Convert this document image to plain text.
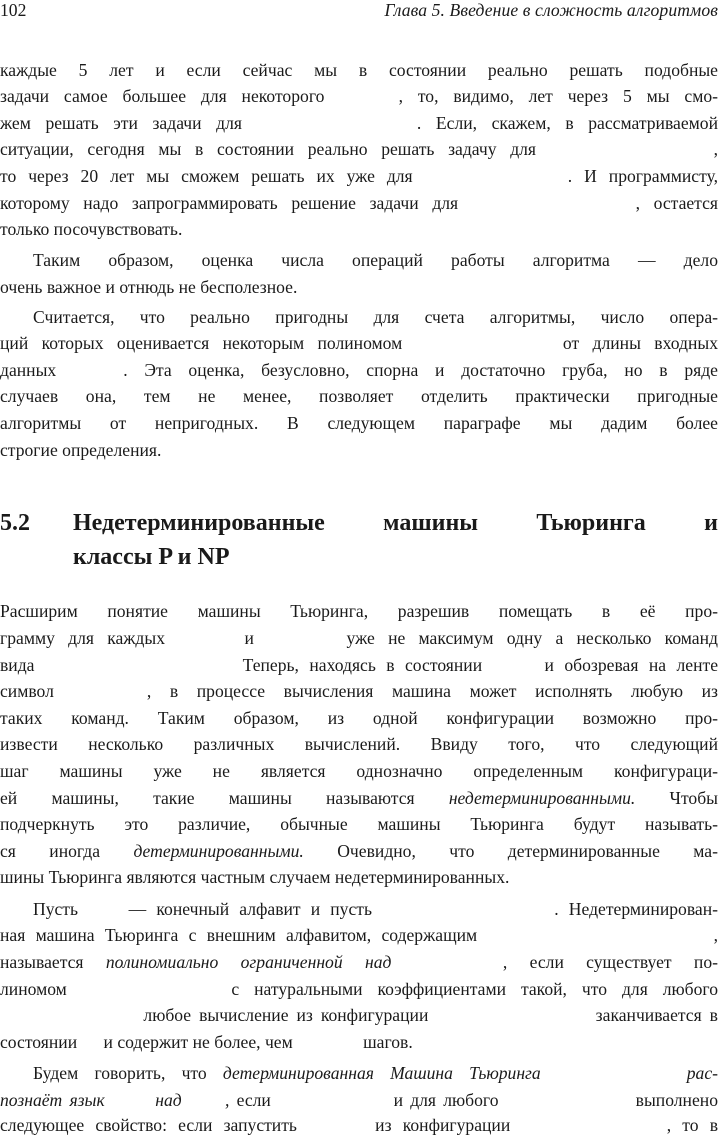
102	Глава 5. Введение в сложность алгоритмов
каждые 5 лет и если сейчас мы в состоянии реально решать подобные
задачи самое большее для некоторого     , то, видимо, лет через 5 мы смо-
жем решать эти задачи для            . Если, скажем, в рассматриваемой
ситуации, сегодня мы в состоянии реально решать задачу для             ,
то через 20 лет мы сможем решать их уже для             . И программисту,
которому надо запрограммировать решение задачи для             , остается
только посочувствовать.
Таким образом, оценка числа операций работы алгоритма — дело
очень важное и отнюдь не бесполезное.
Считается, что реально пригодны для счета алгоритмы, число опера-
ций которых оценивается некоторым полиномом            от длины входных
данных    . Эта оценка, безусловно, спорна и достаточно груба, но в ряде
случаев она, тем не менее, позволяет отделить практически пригодные
алгоритмы от непригодных. В следующем параграфе мы дадим более
строгие определения.
5.2 Недетерминированные машины Тьюринга и
классы P и NP
Расширим понятие машины Тьюринга, разрешив помещать в её про-
грамму для каждых      и       уже не максимум одну а несколько команд
вида                    Теперь, находясь в состоянии      и обозревая на ленте
символ     , в процессе вычисления машина может исполнять любую из
таких команд. Таким образом, из одной конфигурации возможно про-
извести несколько различных вычислений. Ввиду того, что следующий
шаг машины уже не является однозначно определенным конфигураци-
ей машины, такие машины называются недетерминированными. Чтобы
подчеркнуть это различие, обычные машины Тьюринга будут называть-
ся иногда детерминированными. Очевидно, что детерминированные ма-
шины Тьюринга являются частным случаем недетерминированных.
Пусть     — конечный алфавит и пусть                  . Недетерминирован-
ная машина Тьюринга с внешним алфавитом, содержащим                       ,
называется полиномиально ограниченной над     , если существует по-
линомом           с натуральными коэффициентами такой, что для любого
любое вычисление из конфигурации                     заканчивается в
состоянии      и содержит не более, чем                шагов.
Будем говорить, что детерминированная Машина Тьюринга         рас-
познаёт язык       над      , если                 и для любого                   выполнено
следующее свойство: если запустить       из конфигурации              , то в
